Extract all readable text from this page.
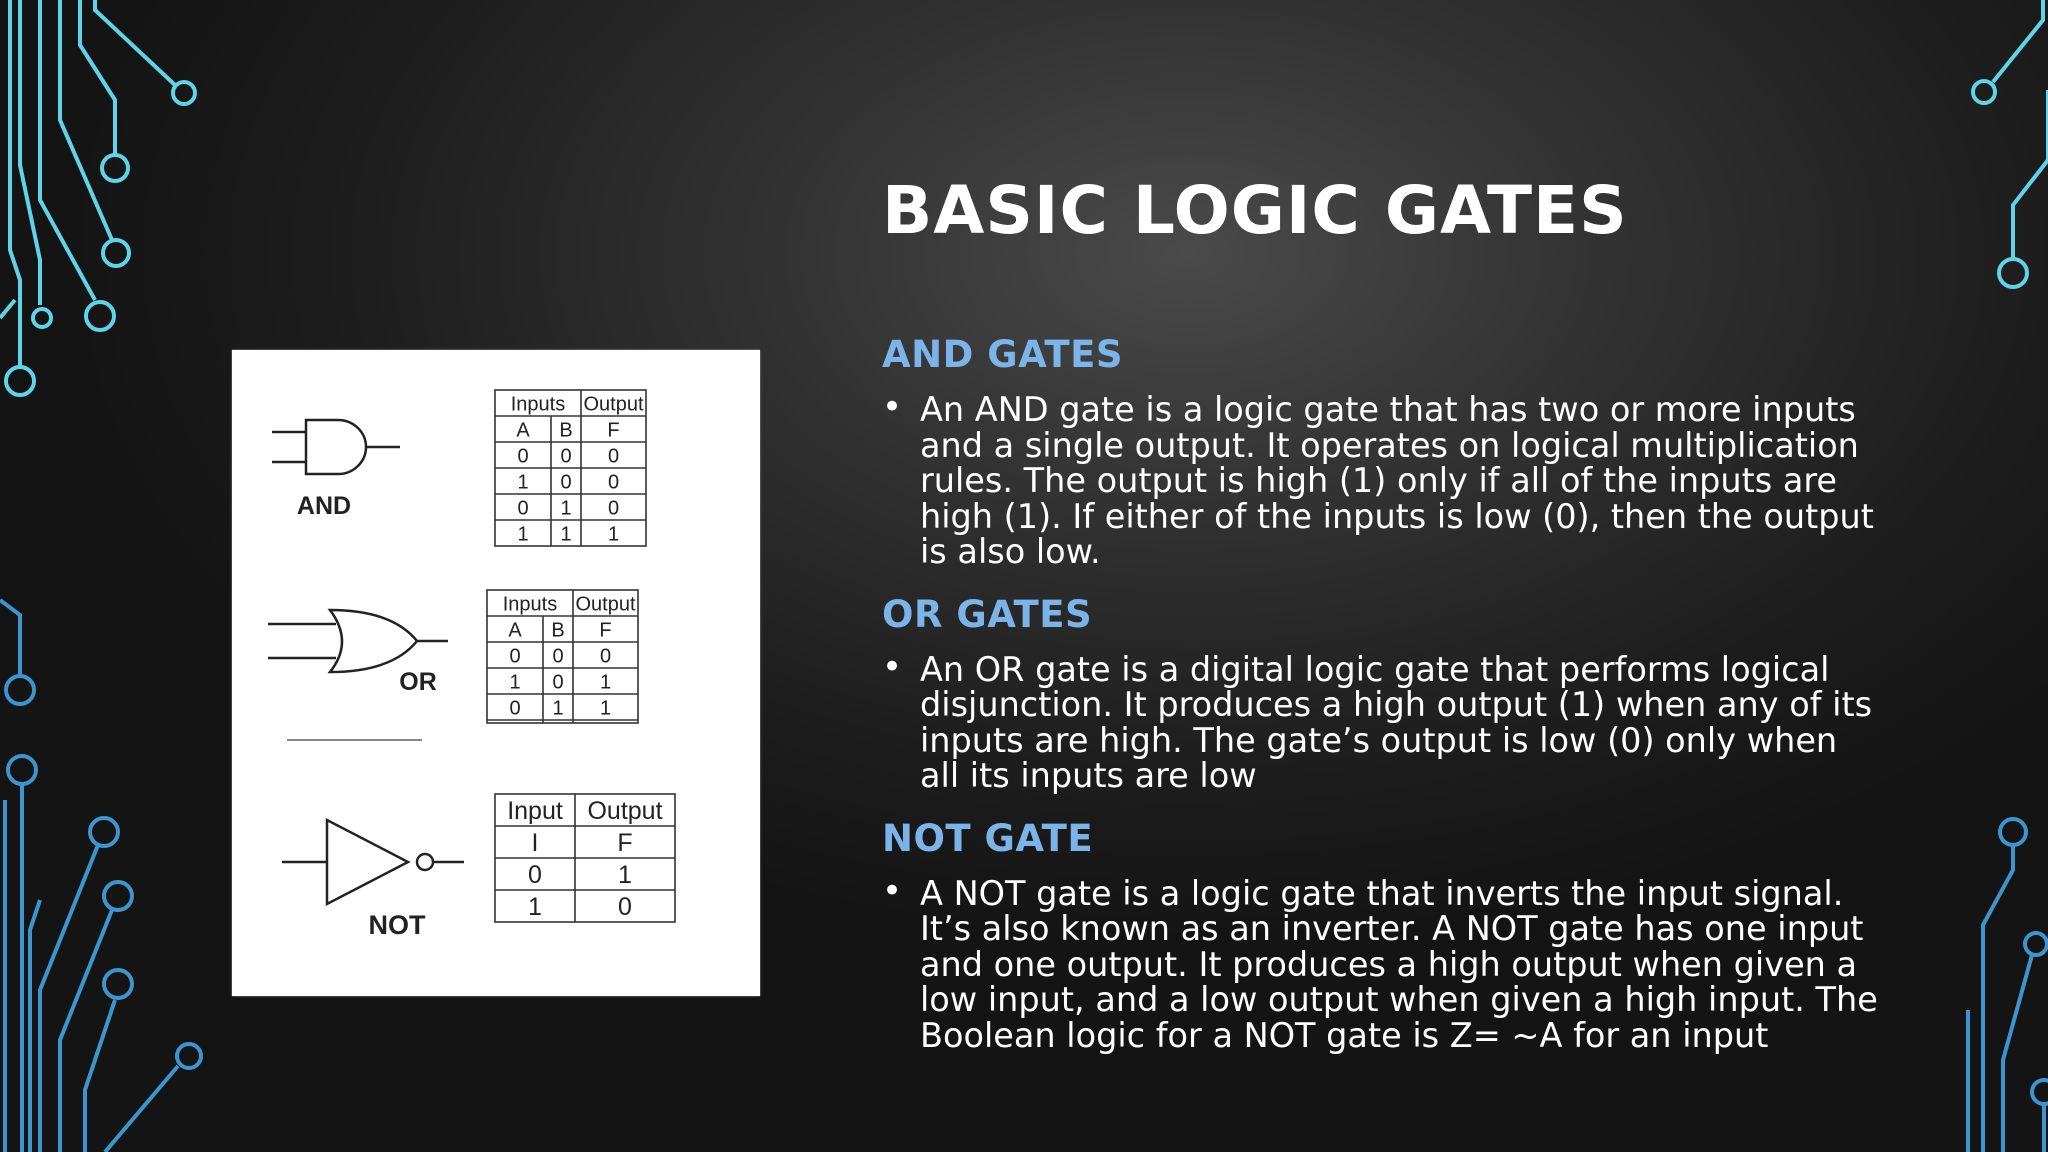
AND
OR
NOT
Inputs Output
A B F
0 0 0
1 0 0
0 1 0
1 1 1
Inputs Output
A B F
0 0 0
1 0 1
0 1 1
Input Output
I	F
0	1
1	0
BASIC LOGIC GATES
AND GATES
• An AND gate is a logic gate that has two or more inputs and a single output. It operates on logical multiplication rules. The output is high (1) only if all of the inputs are high (1). If either of the inputs is low (0), then the output is also low.
OR GATES
• An OR gate is a digital logic gate that performs logical disjunction. It produces a high output (1) when any of its inputs are high. The gate’s output is low (0) only when all its inputs are low
NOT GATE
• A NOT gate is a logic gate that inverts the input signal. It’s also known as an inverter. A NOT gate has one input and one output. It produces a high output when given a low input, and a low output when given a high input. The Boolean logic for a NOT gate is Z= ~A for an input
